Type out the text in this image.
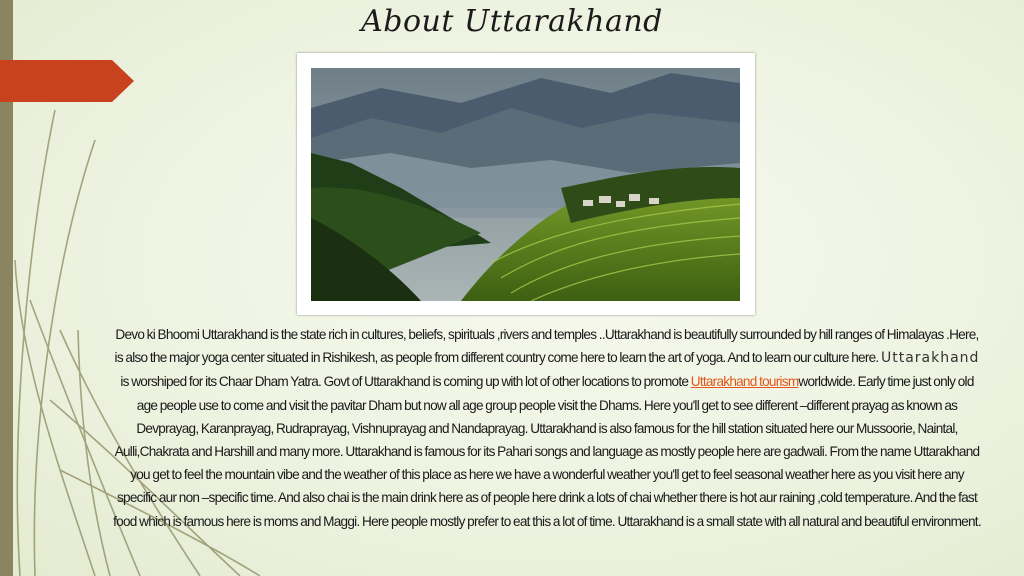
About Uttarakhand
Devo ki Bhoomi Uttarakhand is the state rich in cultures, beliefs, spirituals ,rivers and temples ..Uttarakhand is beautifully surrounded by hill ranges of Himalayas .Here, is also the major yoga center situated in Rishikesh, as people from different country come here to learn the art of yoga. And to learn our culture here. Uttarakhand is worshiped for its Chaar Dham Yatra. Govt of Uttarakhand is coming up with lot of other locations to promote Uttarakhand tourismworldwide. Early time just only old age people use to come and visit the pavitar Dham but now all age group people visit the Dhams. Here you'll get to see different –different prayag as known as Devprayag, Karanprayag, Rudraprayag, Vishnuprayag and Nandaprayag. Uttarakhand is also famous for the hill station situated here our Mussoorie, Naintal, Aulli,Chakrata and Harshill and many more. Uttarakhand is famous for its Pahari songs and language as mostly people here are gadwali. From the name Uttarakhand you get to feel the mountain vibe and the weather of this place as here we have a wonderful weather you'll get to feel seasonal weather here as you visit here any specific aur non –specific time. And also chai is the main drink here as of people here drink a lots of chai whether there is hot aur raining ,cold temperature. And the fast food which is famous here is moms and Maggi. Here people mostly prefer to eat this a lot of time. Uttarakhand is a small state with all natural and beautiful environment.
